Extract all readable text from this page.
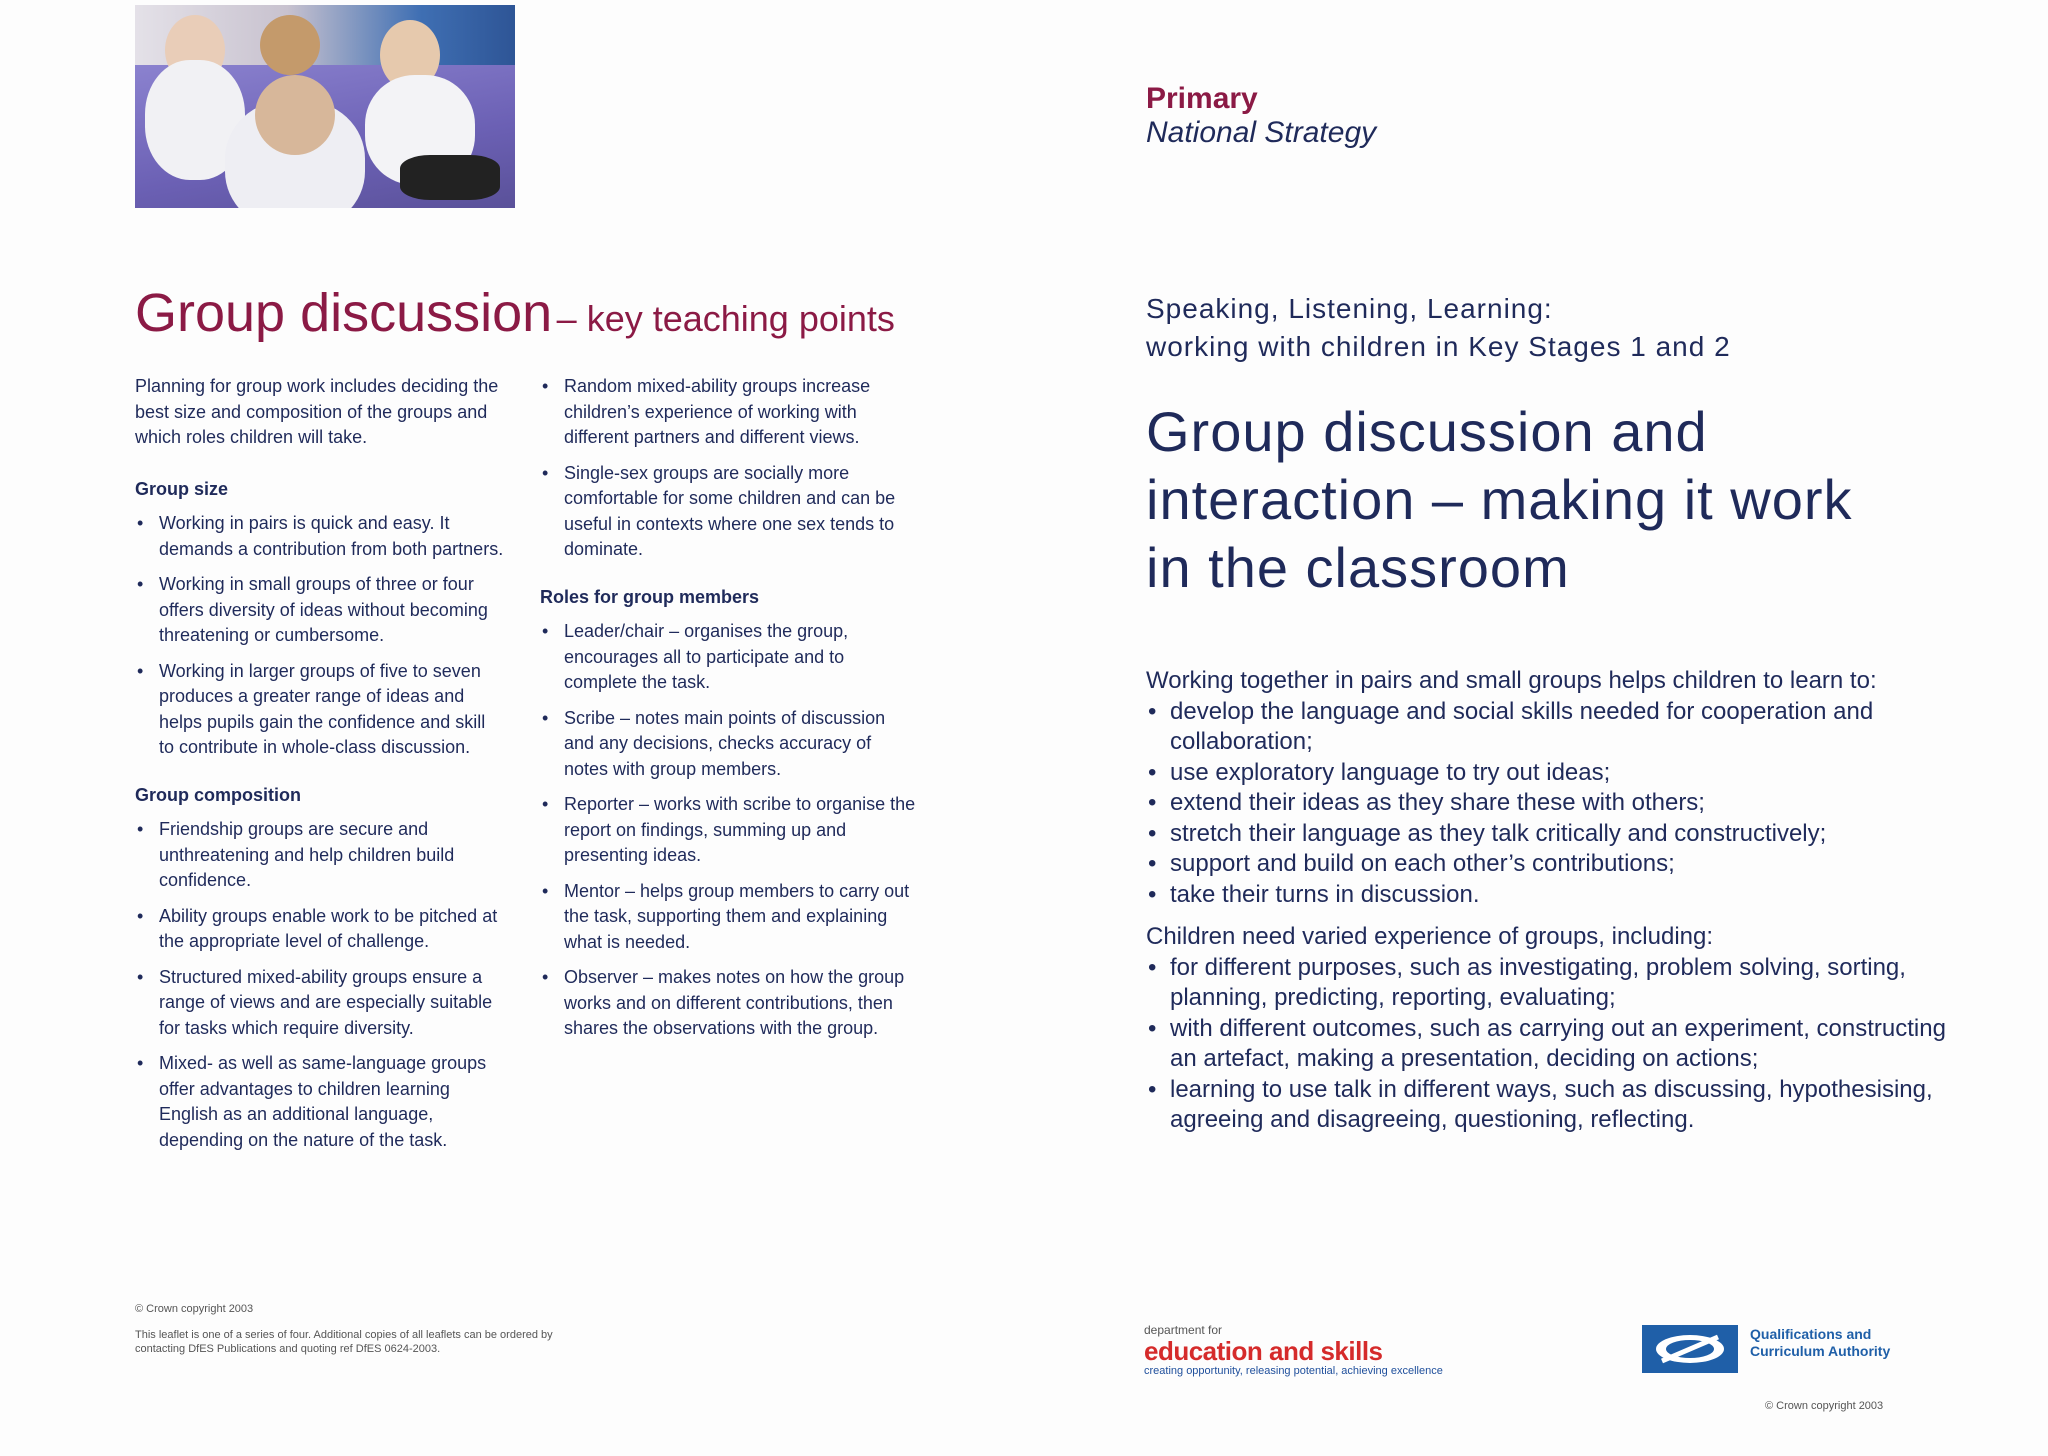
Primary
National Strategy
Group discussion – key teaching points

Planning for group work includes deciding the best size and composition of the groups and which roles children will take.

Group size
• Working in pairs is quick and easy. It demands a contribution from both partners.
• Working in small groups of three or four offers diversity of ideas without becoming threatening or cumbersome.
• Working in larger groups of five to seven produces a greater range of ideas and helps pupils gain the confidence and skill to contribute in whole-class discussion.
Group composition
• Friendship groups are secure and unthreatening and help children build confidence.
• Ability groups enable work to be pitched at the appropriate level of challenge.
• Structured mixed-ability groups ensure a range of views and are especially suitable for tasks which require diversity.
• Mixed- as well as same-language groups offer advantages to children learning English as an additional language, depending on the nature of the task.
• Random mixed-ability groups increase children’s experience of working with different partners and different views.
• Single-sex groups are socially more comfortable for some children and can be useful in contexts where one sex tends to dominate.
Roles for group members
• Leader/chair – organises the group, encourages all to participate and to complete the task.
• Scribe – notes main points of discussion and any decisions, checks accuracy of notes with group members.
• Reporter – works with scribe to organise the report on findings, summing up and presenting ideas.
• Mentor – helps group members to carry out the task, supporting them and explaining what is needed.
• Observer – makes notes on how the group works and on different contributions, then shares the observations with the group.
Speaking, Listening, Learning:
working with children in Key Stages 1 and 2
Group discussion and
interaction – making it work
in the classroom

Working together in pairs and small groups helps children to learn to:

• develop the language and social skills needed for cooperation and collaboration;
• use exploratory language to try out ideas;
• extend their ideas as they share these with others;
• stretch their language as they talk critically and constructively;
• support and build on each other’s contributions;
• take their turns in discussion.

Children need varied experience of groups, including:

• for different purposes, such as investigating, problem solving, sorting, planning, predicting, reporting, evaluating;
• with different outcomes, such as carrying out an experiment, constructing an artefact, making a presentation, deciding on actions;
• learning to use talk in different ways, such as discussing, hypothesising, agreeing and disagreeing, questioning, reflecting.
© Crown copyright 2003
This leaflet is one of a series of four. Additional copies of all leaflets can be ordered by contacting DfES Publications and quoting ref DfES 0624-2003.
department for
education and skills
creating opportunity, releasing potential, achieving excellence
Qualifications and
Curriculum Authority
© Crown copyright 2003
